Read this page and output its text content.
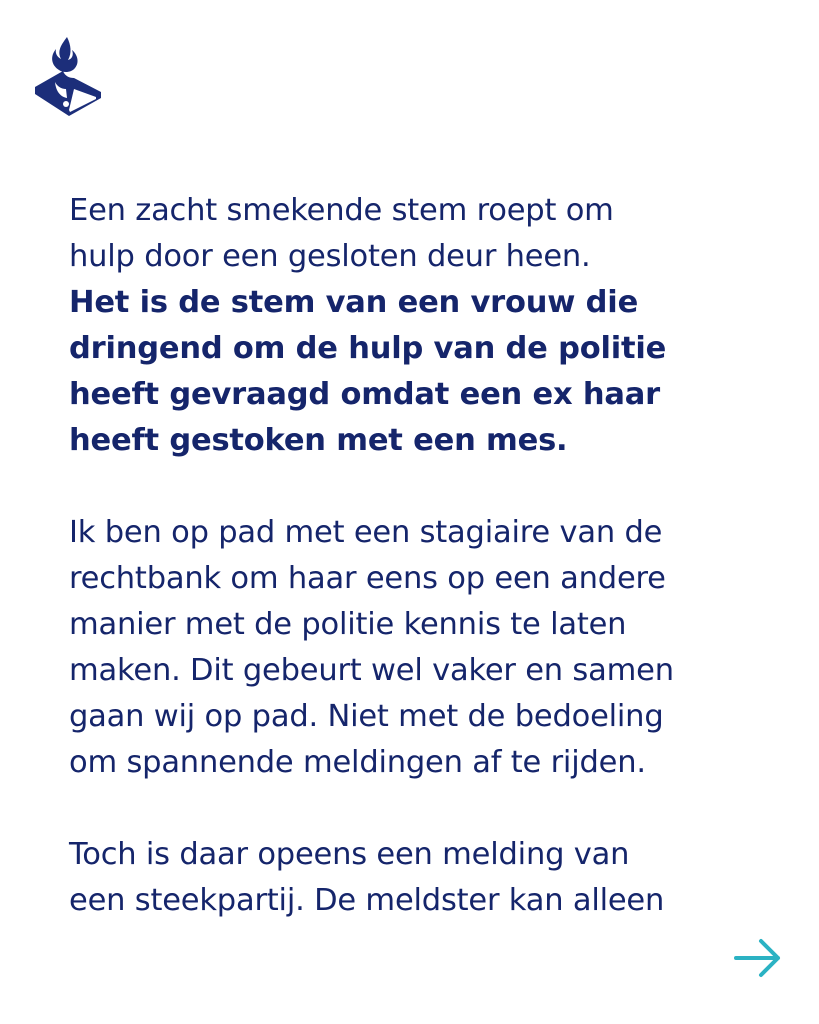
Een zacht smekende stem roept om
hulp door een gesloten deur heen.
Het is de stem van een vrouw die
dringend om de hulp van de politie
heeft gevraagd omdat een ex haar
heeft gestoken met een mes.
Ik ben op pad met een stagiaire van de
rechtbank om haar eens op een andere
manier met de politie kennis te laten
maken. Dit gebeurt wel vaker en samen
gaan wij op pad. Niet met de bedoeling
om spannende meldingen af te rijden.
Toch is daar opeens een melding van
een steekpartij. De meldster kan alleen
